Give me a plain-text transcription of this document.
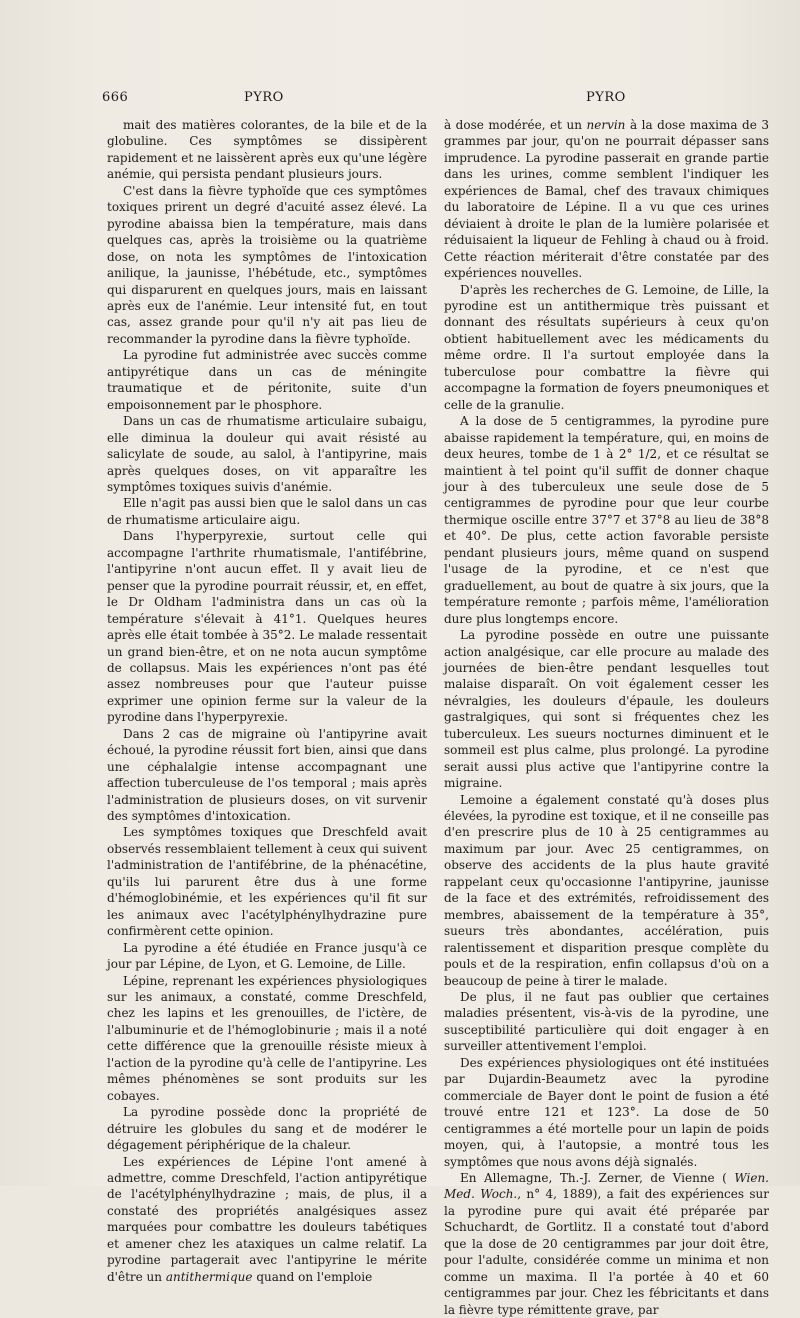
666	PYRO	PYRO

mait des matières colorantes, de la bile et de la globuline. Ces symptômes se dissipèrent rapidement et ne laissèrent après eux qu'une légère anémie, qui persista pendant plusieurs jours.

C'est dans la fièvre typhoïde que ces symptômes toxiques prirent un degré d'acuité assez élevé. La pyrodine abaissa bien la température, mais dans quelques cas, après la troisième ou la quatrième dose, on nota les symptômes de l'intoxication anilique, la jaunisse, l'hébétude, etc., symptômes qui disparurent en quelques jours, mais en laissant après eux de l'anémie. Leur intensité fut, en tout cas, assez grande pour qu'il n'y ait pas lieu de recommander la pyrodine dans la fièvre typhoïde.

La pyrodine fut administrée avec succès comme antipyrétique dans un cas de méningite traumatique et de péritonite, suite d'un empoisonnement par le phosphore.

Dans un cas de rhumatisme articulaire subaigu, elle diminua la douleur qui avait résisté au salicylate de soude, au salol, à l'antipyrine, mais après quelques doses, on vit apparaître les symptômes toxiques suivis d'anémie.

Elle n'agit pas aussi bien que le salol dans un cas de rhumatisme articulaire aigu.

Dans l'hyperpyrexie, surtout celle qui accompagne l'arthrite rhumatismale, l'antifébrine, l'antipyrine n'ont aucun effet. Il y avait lieu de penser que la pyrodine pourrait réussir, et, en effet, le Dr Oldham l'administra dans un cas où la température s'élevait à 41°1. Quelques heures après elle était tombée à 35°2. Le malade ressentait un grand bien-être, et on ne nota aucun symptôme de collapsus. Mais les expériences n'ont pas été assez nombreuses pour que l'auteur puisse exprimer une opinion ferme sur la valeur de la pyrodine dans l'hyperpyrexie.

Dans 2 cas de migraine où l'antipyrine avait échoué, la pyrodine réussit fort bien, ainsi que dans une céphalalgie intense accompagnant une affection tuberculeuse de l'os temporal ; mais après l'administration de plusieurs doses, on vit survenir des symptômes d'intoxication.

Les symptômes toxiques que Dreschfeld avait observés ressemblaient tellement à ceux qui suivent l'administration de l'antifébrine, de la phénacétine, qu'ils lui parurent être dus à une forme d'hémoglobinémie, et les expériences qu'il fit sur les animaux avec l'acétylphénylhydrazine pure confirmèrent cette opinion.

La pyrodine a été étudiée en France jusqu'à ce jour par Lépine, de Lyon, et G. Lemoine, de Lille.

Lépine, reprenant les expériences physiologiques sur les animaux, a constaté, comme Dreschfeld, chez les lapins et les grenouilles, de l'ictère, de l'albuminurie et de l'hémoglobinurie ; mais il a noté cette différence que la grenouille résiste mieux à l'action de la pyrodine qu'à celle de l'antipyrine. Les mêmes phénomènes se sont produits sur les cobayes.

La pyrodine possède donc la propriété de détruire les globules du sang et de modérer le dégagement périphérique de la chaleur.

Les expériences de Lépine l'ont amené à admettre, comme Dreschfeld, l'action antipyrétique de l'acétylphénylhydrazine ; mais, de plus, il a constaté des propriétés analgésiques assez marquées pour combattre les douleurs tabétiques et amener chez les ataxiques un calme relatif. La pyrodine partagerait avec l'antipyrine le mérite d'être un antithermique quand on l'emploie

à dose modérée, et un nervin à la dose maxima de 3 grammes par jour, qu'on ne pourrait dépasser sans imprudence. La pyrodine passerait en grande partie dans les urines, comme semblent l'indiquer les expériences de Bamal, chef des travaux chimiques du laboratoire de Lépine. Il a vu que ces urines déviaient à droite le plan de la lumière polarisée et réduisaient la liqueur de Fehling à chaud ou à froid. Cette réaction mériterait d'être constatée par des expériences nouvelles.

D'après les recherches de G. Lemoine, de Lille, la pyrodine est un antithermique très puissant et donnant des résultats supérieurs à ceux qu'on obtient habituellement avec les médicaments du même ordre. Il l'a surtout employée dans la tuberculose pour combattre la fièvre qui accompagne la formation de foyers pneumoniques et celle de la granulie.

A la dose de 5 centigrammes, la pyrodine pure abaisse rapidement la température, qui, en moins de deux heures, tombe de 1 à 2° 1/2, et ce résultat se maintient à tel point qu'il suffit de donner chaque jour à des tuberculeux une seule dose de 5 centigrammes de pyrodine pour que leur courbe thermique oscille entre 37°7 et 37°8 au lieu de 38°8 et 40°. De plus, cette action favorable persiste pendant plusieurs jours, même quand on suspend l'usage de la pyrodine, et ce n'est que graduellement, au bout de quatre à six jours, que la température remonte ; parfois même, l'amélioration dure plus longtemps encore.

La pyrodine possède en outre une puissante action analgésique, car elle procure au malade des journées de bien-être pendant lesquelles tout malaise disparaît. On voit également cesser les névralgies, les douleurs d'épaule, les douleurs gastralgiques, qui sont si fréquentes chez les tuberculeux. Les sueurs nocturnes diminuent et le sommeil est plus calme, plus prolongé. La pyrodine serait aussi plus active que l'antipyrine contre la migraine.

Lemoine a également constaté qu'à doses plus élevées, la pyrodine est toxique, et il ne conseille pas d'en prescrire plus de 10 à 25 centigrammes au maximum par jour. Avec 25 centigrammes, on observe des accidents de la plus haute gravité rappelant ceux qu'occasionne l'antipyrine, jaunisse de la face et des extrémités, refroidissement des membres, abaissement de la température à 35°, sueurs très abondantes, accélération, puis ralentissement et disparition presque complète du pouls et de la respiration, enfin collapsus d'où on a beaucoup de peine à tirer le malade.

De plus, il ne faut pas oublier que certaines maladies présentent, vis-à-vis de la pyrodine, une susceptibilité particulière qui doit engager à en surveiller attentivement l'emploi.

Des expériences physiologiques ont été instituées par Dujardin-Beaumetz avec la pyrodine commerciale de Bayer dont le point de fusion a été trouvé entre 121 et 123°. La dose de 50 centigrammes a été mortelle pour un lapin de poids moyen, qui, à l'autopsie, a montré tous les symptômes que nous avons déjà signalés.

En Allemagne, Th.-J. Zerner, de Vienne ( Wien. Med. Woch., n° 4, 1889), a fait des expériences sur la pyrodine pure qui avait été préparée par Schuchardt, de Gortlitz. Il a constaté tout d'abord que la dose de 20 centigrammes par jour doit être, pour l'adulte, considérée comme un minima et non comme un maxima. Il l'a portée à 40 et 60 centigrammes par jour. Chez les fébricitants et dans la fièvre type rémittente grave, par
